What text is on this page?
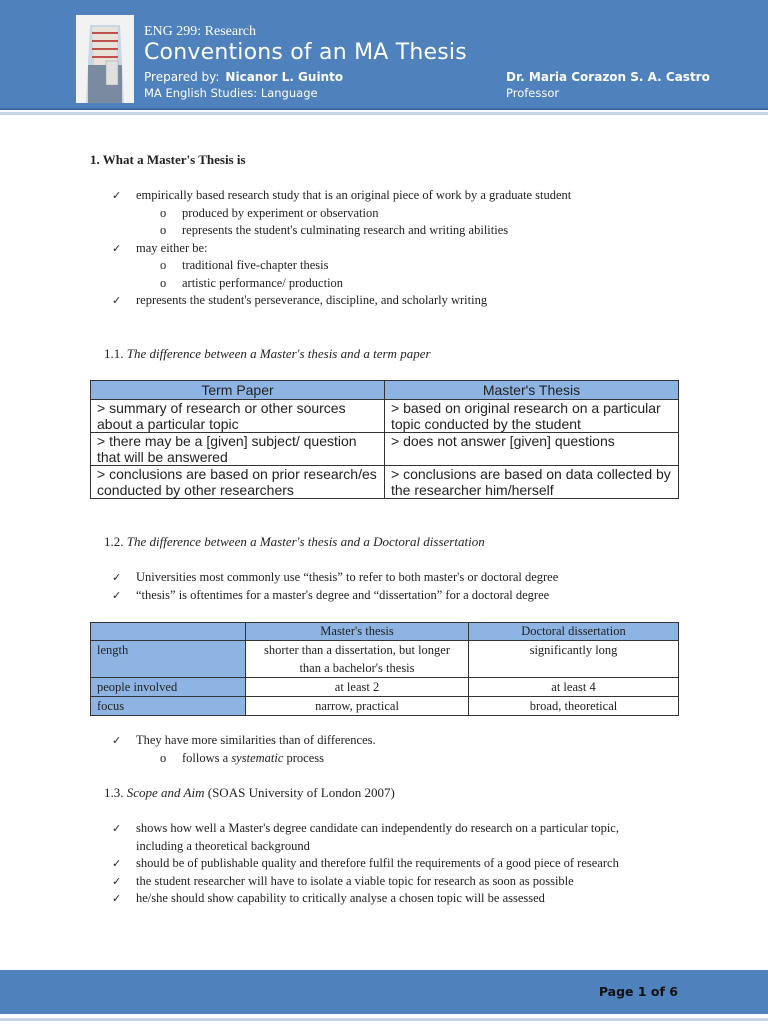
ENG 299: Research
Conventions of an MA Thesis
Prepared by: Nicanor L. Guinto
MA English Studies: Language
Dr. Maria Corazon S. A. Castro
Professor
1. What a Master's Thesis is
✓ empirically based research study that is an original piece of work by a graduate student
o produced by experiment or observation
o represents the student's culminating research and writing abilities
✓ may either be:
o traditional five-chapter thesis
o artistic performance/ production
✓ represents the student's perseverance, discipline, and scholarly writing
1.1. The difference between a Master's thesis and a term paper
Term Paper	Master's Thesis
> summary of research or other sources about a particular topic	> based on original research on a particular topic conducted by the student
> there may be a [given] subject/ question that will be answered	> does not answer [given] questions
> conclusions are based on prior research/es conducted by other researchers	> conclusions are based on data collected by the researcher him/herself
1.2. The difference between a Master's thesis and a Doctoral dissertation
✓ Universities most commonly use “thesis” to refer to both master's or doctoral degree
✓ “thesis” is oftentimes for a master's degree and “dissertation” for a doctoral degree
	Master's thesis	Doctoral dissertation
length	shorter than a dissertation, but longer than a bachelor's thesis	significantly long
people involved	at least 2	at least 4
focus	narrow, practical	broad, theoretical
✓ They have more similarities than of differences.
o follows a systematic process
1.3. Scope and Aim (SOAS University of London 2007)
✓ shows how well a Master's degree candidate can independently do research on a particular topic, including a theoretical background
✓ should be of publishable quality and therefore fulfil the requirements of a good piece of research
✓ the student researcher will have to isolate a viable topic for research as soon as possible
✓ he/she should show capability to critically analyse a chosen topic will be assessed
Page 1 of 6
